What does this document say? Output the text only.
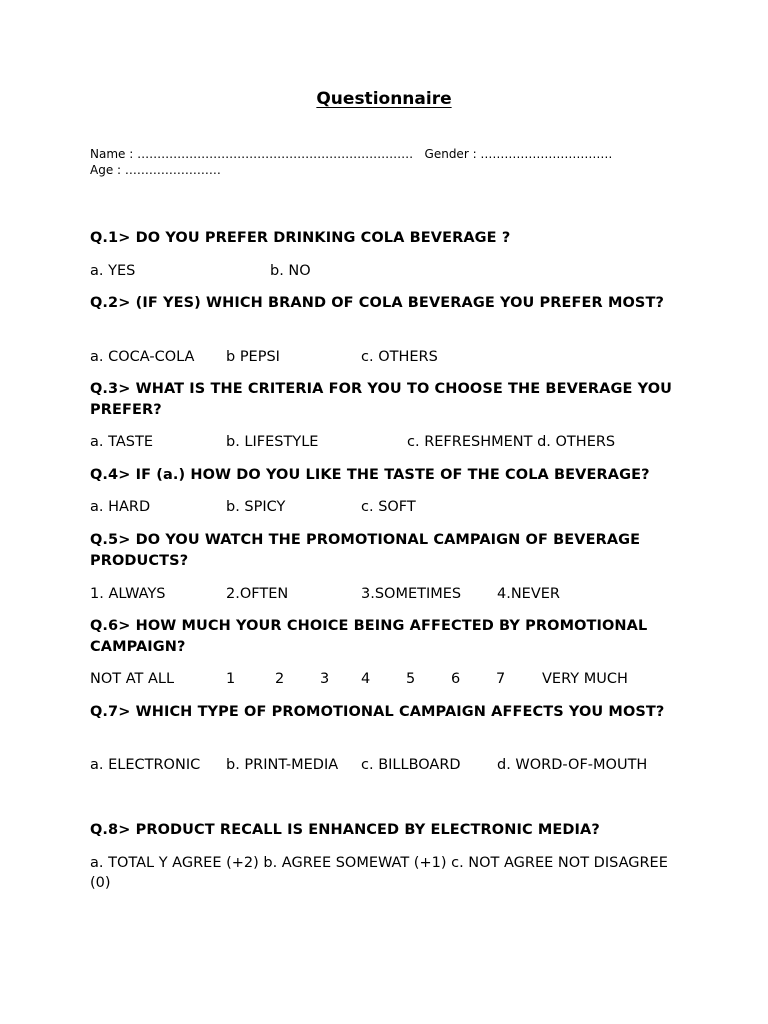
Questionnaire
Name : …………………………………………………………… Gender : ……………………………   Age : ……………………
Q.1> DO YOU PREFER DRINKING COLA BEVERAGE ?
a. YES	b. NO
Q.2> (IF YES) WHICH BRAND OF COLA BEVERAGE YOU PREFER MOST?
a. COCA-COLA b PEPSI	c. OTHERS
Q.3> WHAT IS THE CRITERIA FOR YOU TO CHOOSE THE BEVERAGE YOU PREFER?
a. TASTE	b. LIFESTYLE	c. REFRESHMENT d. OTHERS
Q.4> IF (a.) HOW DO YOU LIKE THE TASTE OF THE COLA BEVERAGE?
a. HARD	b. SPICY	c. SOFT
Q.5> DO YOU WATCH THE PROMOTIONAL CAMPAIGN OF BEVERAGE PRODUCTS?
1. ALWAYS	2.OFTEN	3.SOMETIMES 4.NEVER
Q.6> HOW MUCH YOUR CHOICE BEING AFFECTED BY PROMOTIONAL CAMPAIGN?
NOT AT ALL	1	2 3 4 5 6 7	VERY MUCH
Q.7> WHICH TYPE OF PROMOTIONAL CAMPAIGN AFFECTS YOU MOST?
a. ELECTRONIC b. PRINT-MEDIA c. BILLBOARD	d. WORD-OF-MOUTH
Q.8> PRODUCT RECALL IS ENHANCED BY ELECTRONIC MEDIA?
a. TOTAL Y AGREE (+2) b. AGREE SOMEWAT (+1) c. NOT AGREE NOT DISAGREE (0)
